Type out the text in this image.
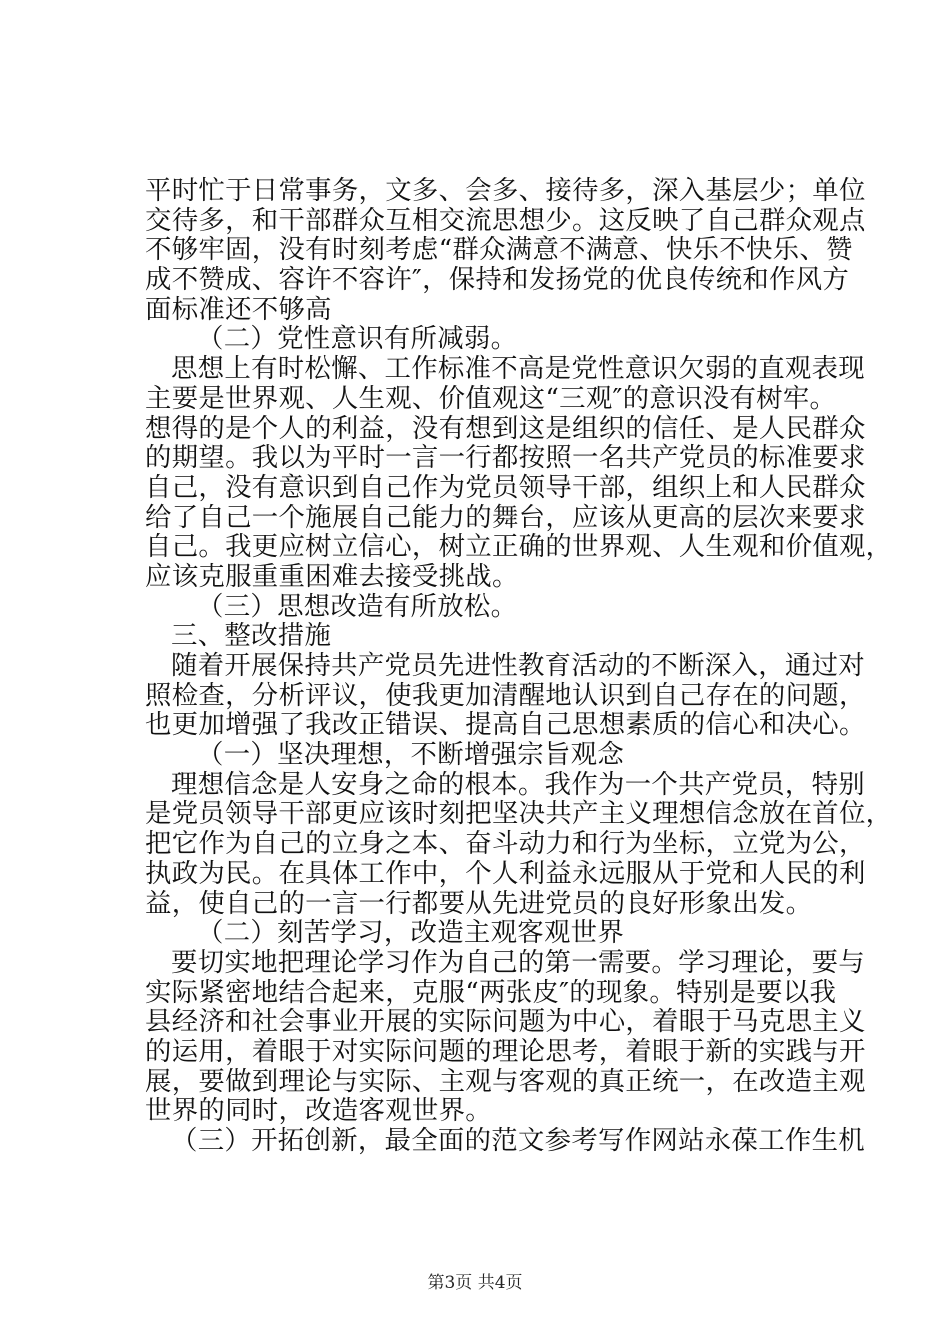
平时忙于日常事务，文多、会多、接待多，深入基层少；单位
交待多，和干部群众互相交流思想少。这反映了自己群众观点
不够牢固，没有时刻考虑“群众满意不满意、快乐不快乐、赞
成不赞成、容许不容许″，保持和发扬党的优良传统和作风方
面标准还不够高
（二）党性意识有所减弱。
思想上有时松懈、工作标准不高是党性意识欠弱的直观表现
主要是世界观、人生观、价值观这“三观″的意识没有树牢。
想得的是个人的利益，没有想到这是组织的信任、是人民群众
的期望。我以为平时一言一行都按照一名共产党员的标准要求
自己，没有意识到自己作为党员领导干部，组织上和人民群众
给了自己一个施展自己能力的舞台，应该从更高的层次来要求
自己。我更应树立信心，树立正确的世界观、人生观和价值观，
应该克服重重困难去接受挑战。
（三）思想改造有所放松。
三、整改措施
随着开展保持共产党员先进性教育活动的不断深入，通过对
照检查，分析评议，使我更加清醒地认识到自己存在的问题，
也更加增强了我改正错误、提高自己思想素质的信心和决心。
（一）坚决理想，不断增强宗旨观念
理想信念是人安身之命的根本。我作为一个共产党员，特别
是党员领导干部更应该时刻把坚决共产主义理想信念放在首位，
把它作为自己的立身之本、奋斗动力和行为坐标，立党为公，
执政为民。在具体工作中，个人利益永远服从于党和人民的利
益，使自己的一言一行都要从先进党员的良好形象出发。
（二）刻苦学习，改造主观客观世界
要切实地把理论学习作为自己的第一需要。学习理论，要与
实际紧密地结合起来，克服“两张皮″的现象。特别是要以我
县经济和社会事业开展的实际问题为中心，着眼于马克思主义
的运用，着眼于对实际问题的理论思考，着眼于新的实践与开
展，要做到理论与实际、主观与客观的真正统一，在改造主观
世界的同时，改造客观世界。
（三）开拓创新，最全面的范文参考写作网站永葆工作生机
第3页 共4页
